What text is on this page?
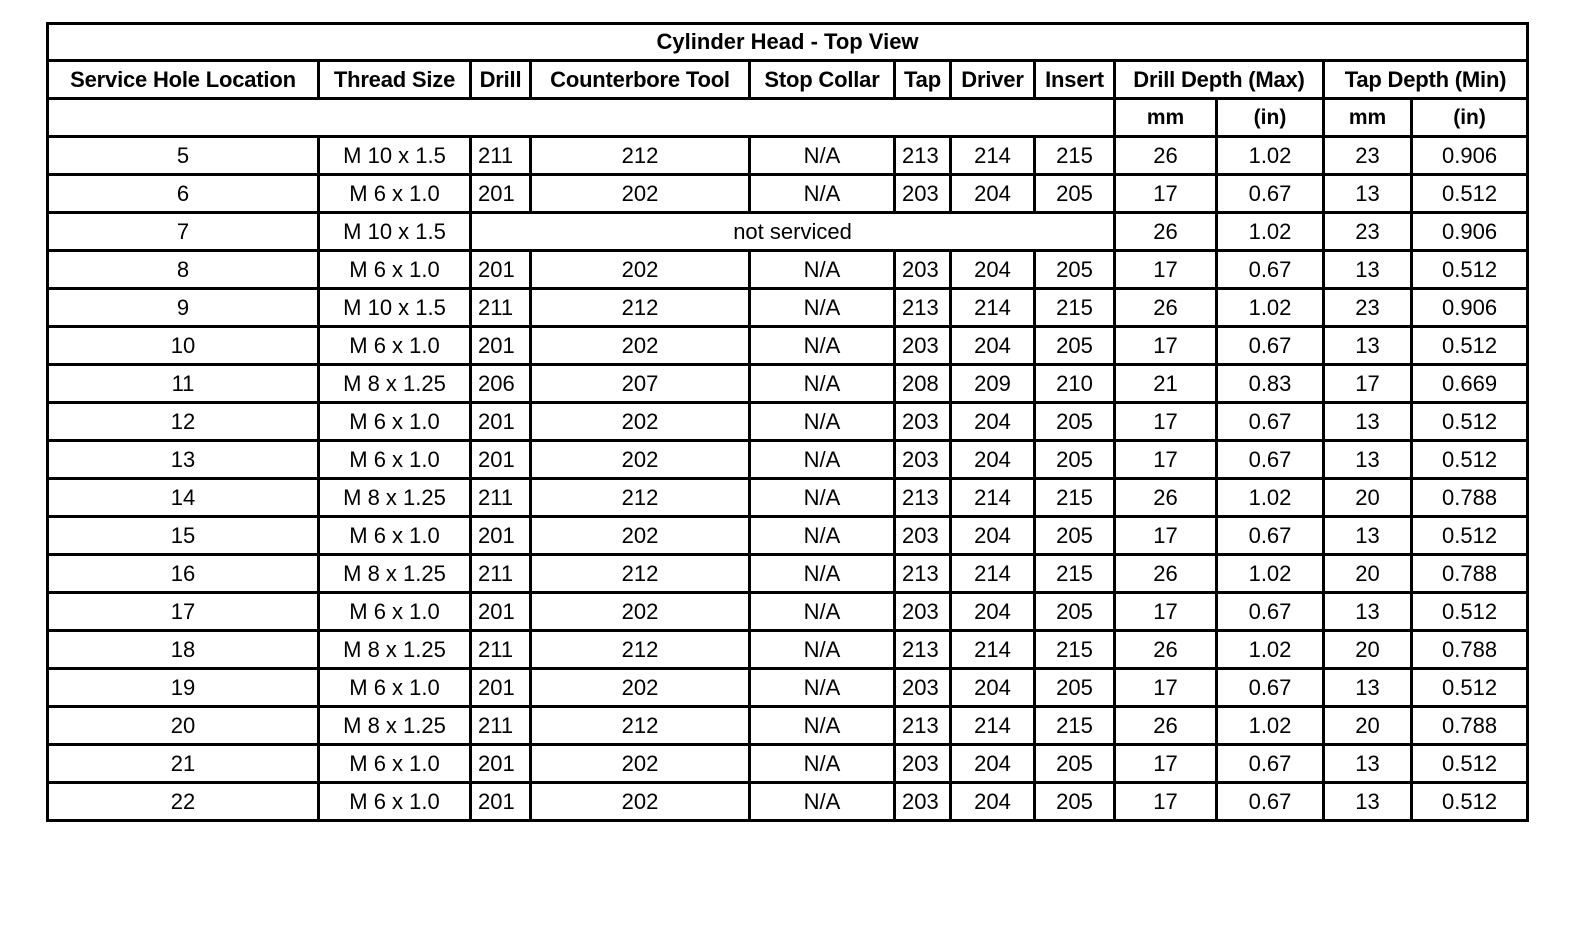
Cylinder Head - Top View											
Service Hole Location	Thread Size	Drill	Counterbore Tool	Stop Collar	Tap	Driver	Insert	Drill Depth (Max)		Tap Depth (Min)	
								mm	(in)	mm	(in)
5	M 10 x 1.5	211	212	N/A	213	214	215	26	1.02	23	0.906
6	M 6 x 1.0	201	202	N/A	203	204	205	17	0.67	13	0.512
7	M 10 x 1.5	not serviced						26	1.02	23	0.906
8	M 6 x 1.0	201	202	N/A	203	204	205	17	0.67	13	0.512
9	M 10 x 1.5	211	212	N/A	213	214	215	26	1.02	23	0.906
10	M 6 x 1.0	201	202	N/A	203	204	205	17	0.67	13	0.512
11	M 8 x 1.25	206	207	N/A	208	209	210	21	0.83	17	0.669
12	M 6 x 1.0	201	202	N/A	203	204	205	17	0.67	13	0.512
13	M 6 x 1.0	201	202	N/A	203	204	205	17	0.67	13	0.512
14	M 8 x 1.25	211	212	N/A	213	214	215	26	1.02	20	0.788
15	M 6 x 1.0	201	202	N/A	203	204	205	17	0.67	13	0.512
16	M 8 x 1.25	211	212	N/A	213	214	215	26	1.02	20	0.788
17	M 6 x 1.0	201	202	N/A	203	204	205	17	0.67	13	0.512
18	M 8 x 1.25	211	212	N/A	213	214	215	26	1.02	20	0.788
19	M 6 x 1.0	201	202	N/A	203	204	205	17	0.67	13	0.512
20	M 8 x 1.25	211	212	N/A	213	214	215	26	1.02	20	0.788
21	M 6 x 1.0	201	202	N/A	203	204	205	17	0.67	13	0.512
22	M 6 x 1.0	201	202	N/A	203	204	205	17	0.67	13	0.512
